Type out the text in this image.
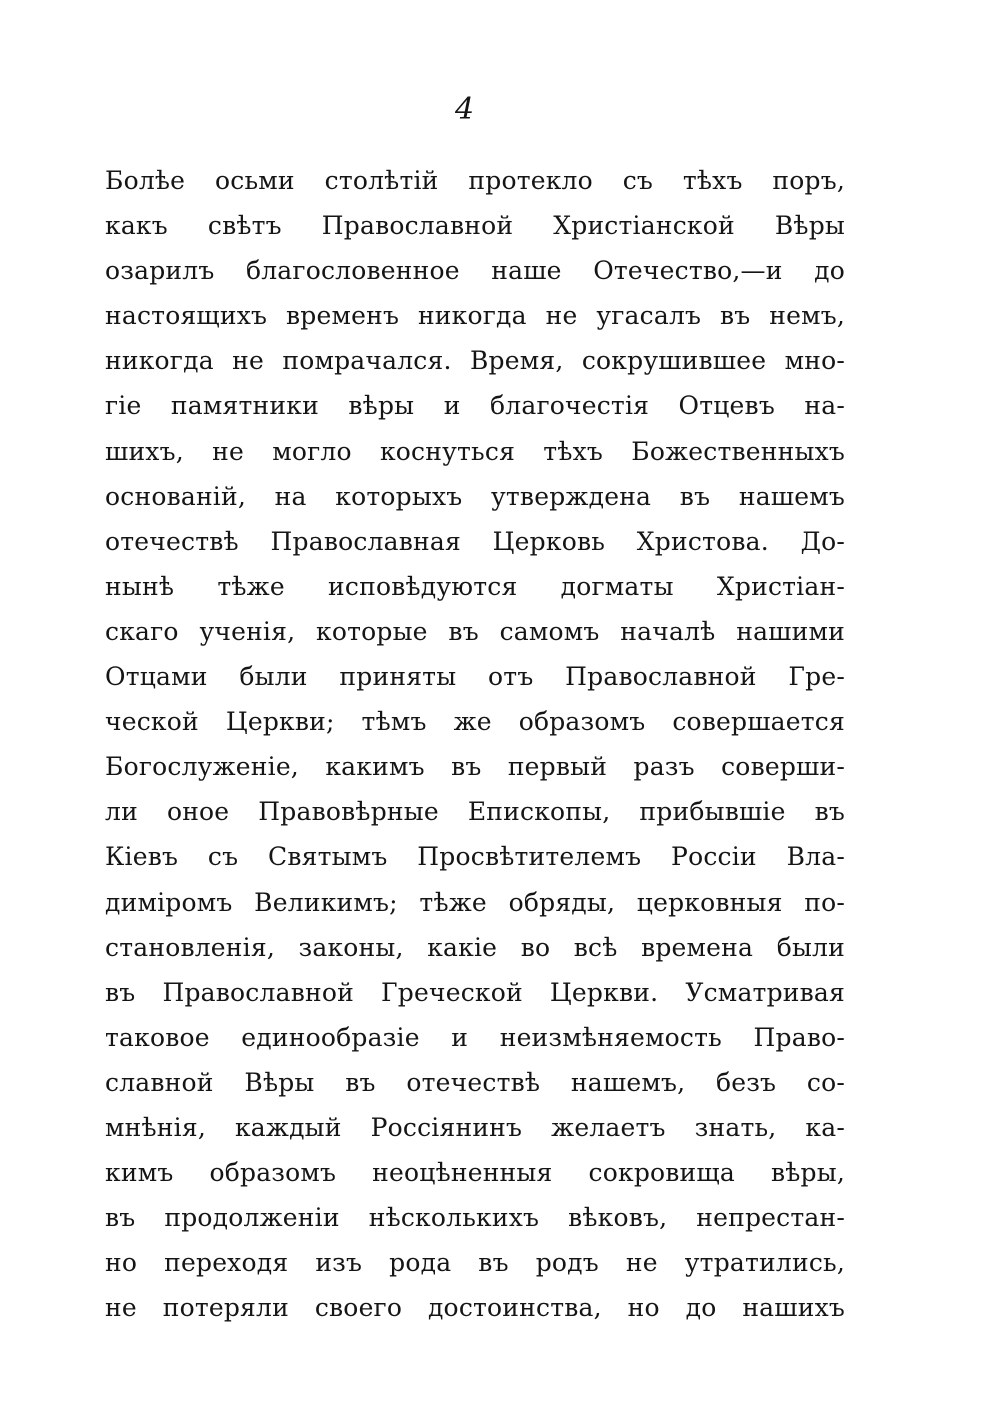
4
Болѣе осьми столѣтій протекло съ тѣхъ поръ,
какъ свѣтъ Православной Христіанской Вѣры
озарилъ благословенное наше Отечество,—и до
настоящихъ временъ никогда не угасалъ въ немъ,
никогда не помрачался. Время, сокрушившее мно-
гіе памятники вѣры и благочестія Отцевъ на-
шихъ, не могло коснуться тѣхъ Божественныхъ
основаній, на которыхъ утверждена въ нашемъ
отечествѣ Православная Церковь Христова. До-
нынѣ тѣже исповѣдуются догматы Христіан-
скаго ученія, которые въ самомъ началѣ нашими
Отцами были приняты отъ Православной Гре-
ческой Церкви; тѣмъ же образомъ совершается
Богослуженіе, какимъ въ первый разъ соверши-
ли оное Правовѣрные Епископы, прибывшіе въ
Кіевъ съ Святымъ Просвѣтителемъ Россіи Вла-
диміромъ Великимъ; тѣже обряды, церковныя по-
становленія, законы, какіе во всѣ времена были
въ Православной Греческой Церкви. Усматривая
таковое единообразіе и неизмѣняемость Право-
славной Вѣры въ отечествѣ нашемъ, безъ со-
мнѣнія, каждый Россіянинъ желаетъ знать, ка-
кимъ образомъ неоцѣненныя сокровища вѣры,
въ продолженіи нѣсколькихъ вѣковъ, непрестан-
но переходя изъ рода въ родъ не утратились,
не потеряли своего достоинства, но до нашихъ
